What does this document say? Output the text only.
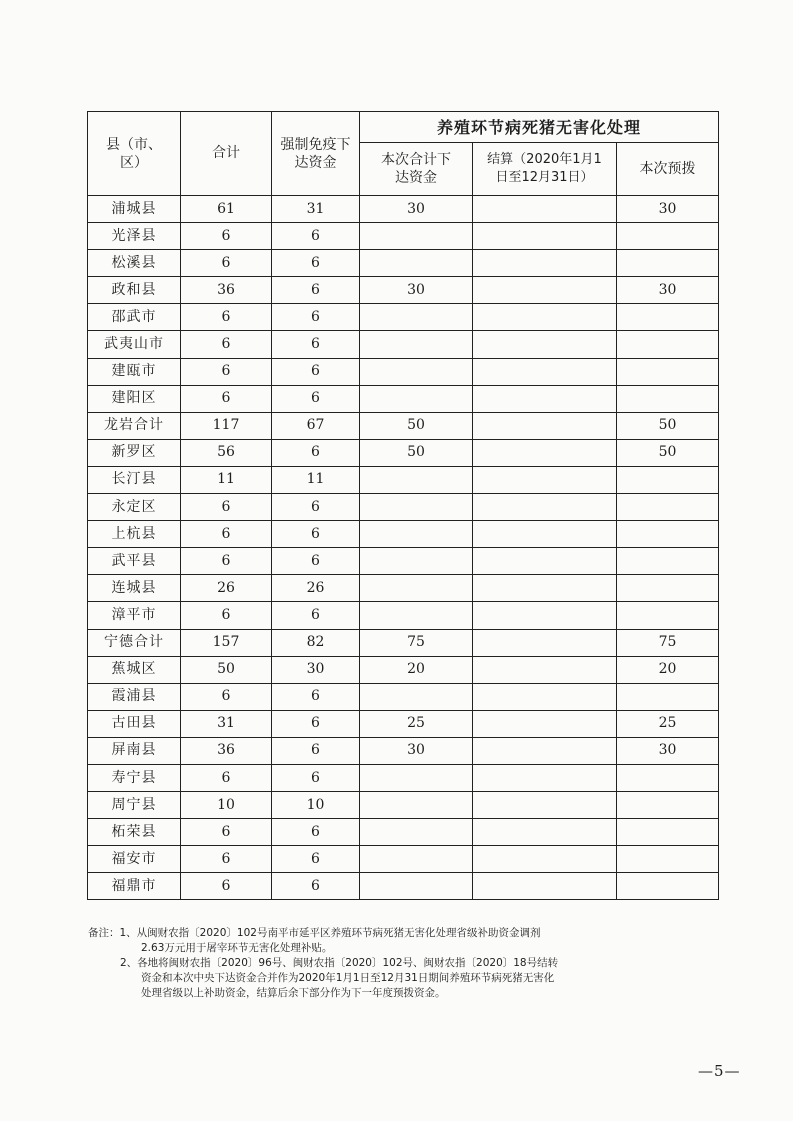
县（市、区）	合计	强制免疫下达资金	养殖环节病死猪无害化处理		
			本次合计下达资金	结算（2020年1月1日至12月31日）	本次预拨
浦城县	61	31	30		30
光泽县	6	6			
松溪县	6	6			
政和县	36	6	30		30
邵武市	6	6			
武夷山市	6	6			
建瓯市	6	6			
建阳区	6	6			
龙岩合计	117	67	50		50
新罗区	56	6	50		50
长汀县	11	11			
永定区	6	6			
上杭县	6	6			
武平县	6	6			
连城县	26	26			
漳平市	6	6			
宁德合计	157	82	75		75
蕉城区	50	30	20		20
霞浦县	6	6			
古田县	31	6	25		25
屏南县	36	6	30		30
寿宁县	6	6			
周宁县	10	10			
柘荣县	6	6			
福安市	6	6			
福鼎市	6	6			
备注：1、从闽财农指〔2020〕102号南平市延平区养殖环节病死猪无害化处理省级补助资金调剂
2.63万元用于屠宰环节无害化处理补贴。
2、各地将闽财农指〔2020〕96号、闽财农指〔2020〕102号、闽财农指〔2020〕18号结转
资金和本次中央下达资金合并作为2020年1月1日至12月31日期间养殖环节病死猪无害化
处理省级以上补助资金，结算后余下部分作为下一年度预拨资金。
—5—
